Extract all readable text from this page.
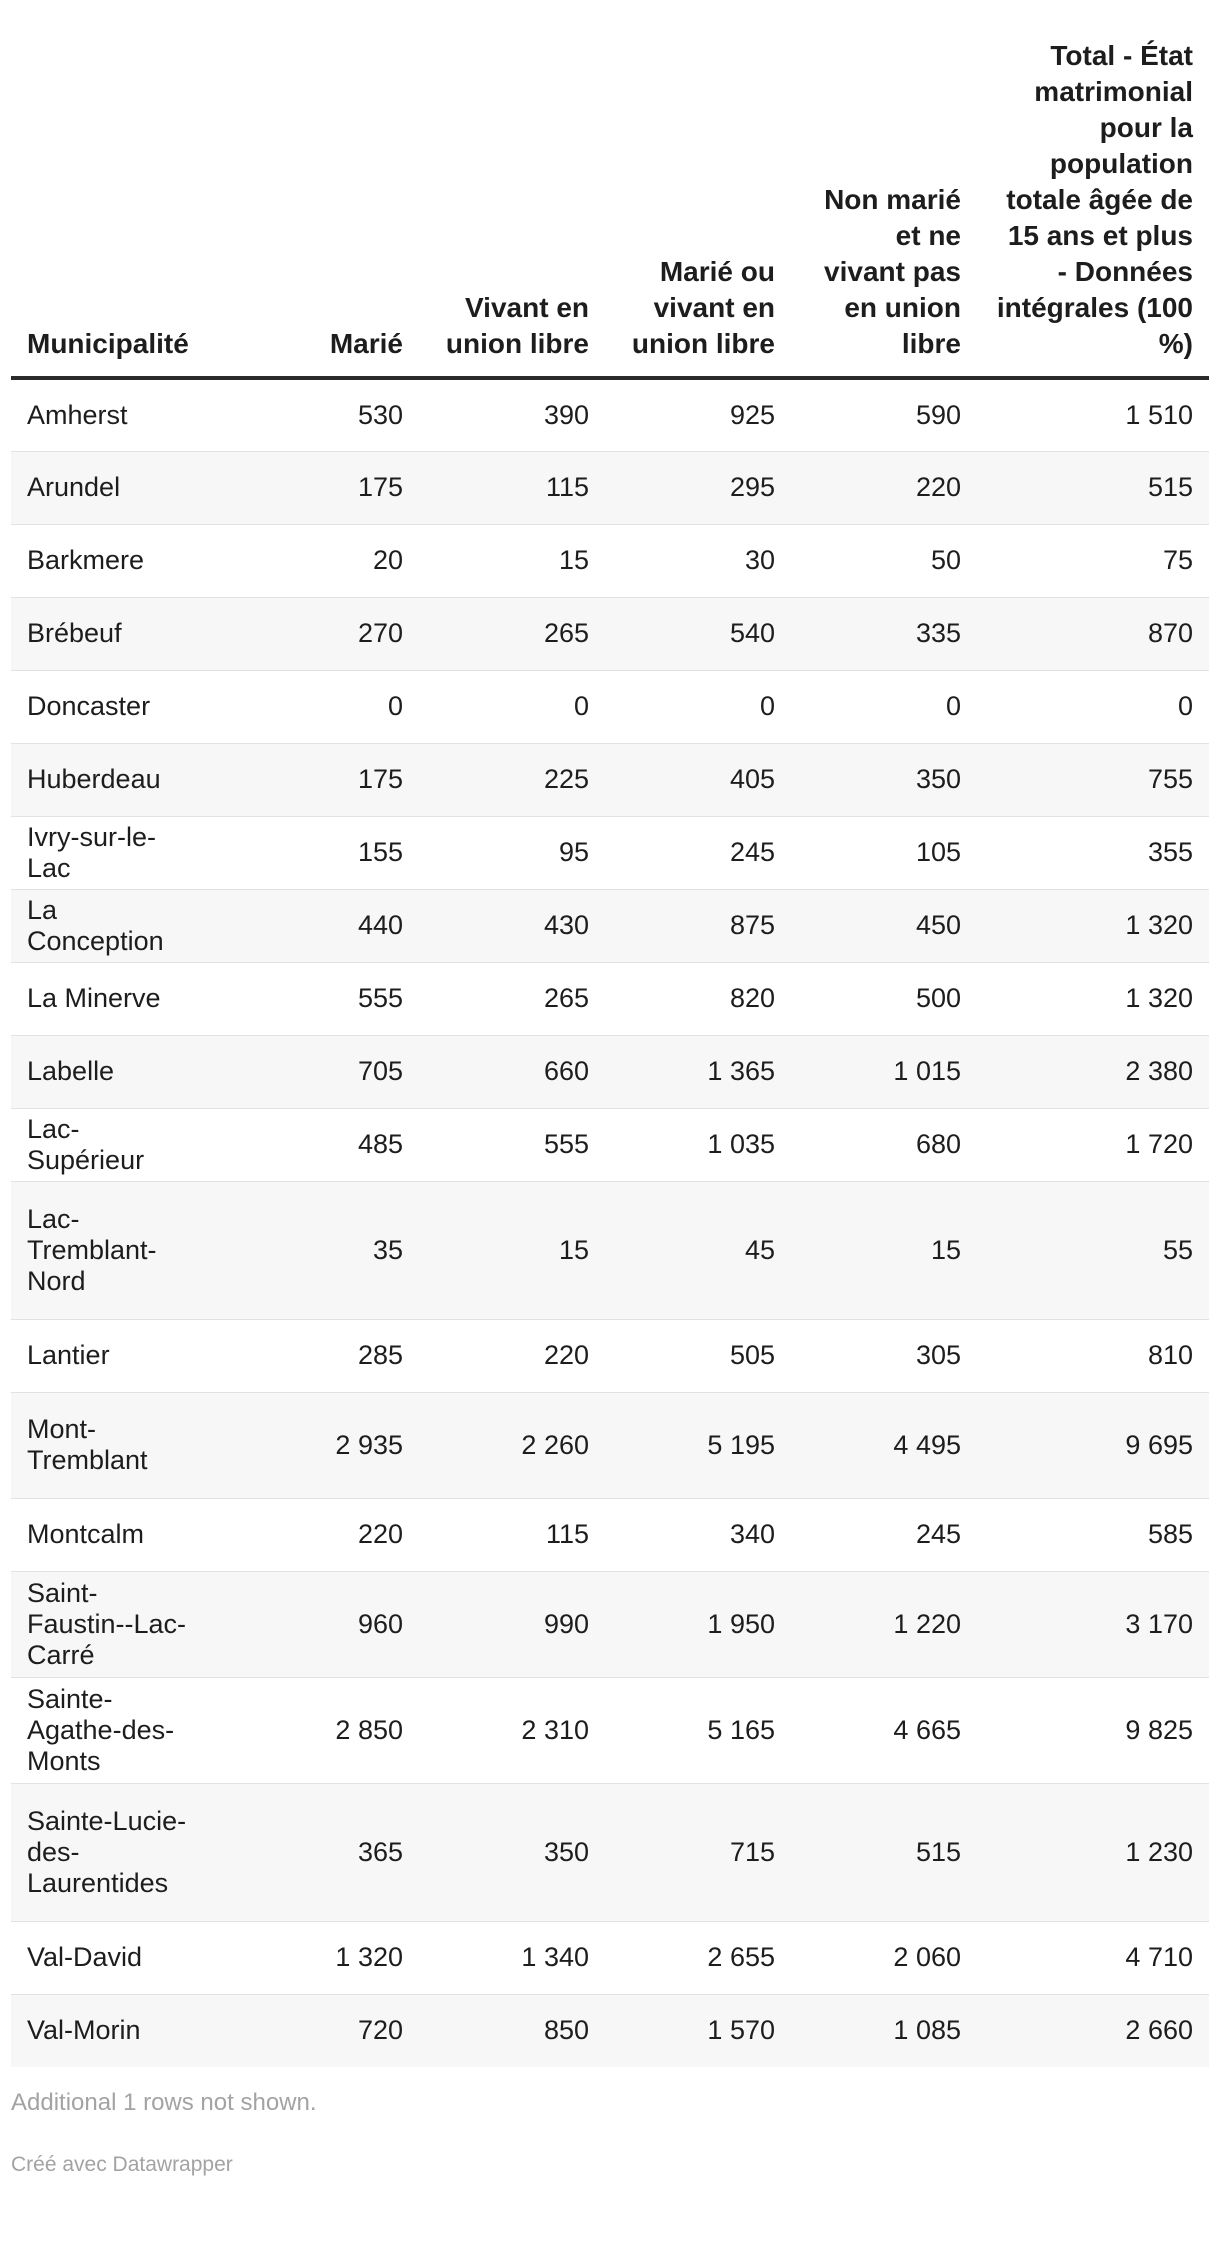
Municipalité	Marié	Vivant en union libre	Marié ou vivant en union libre	Non marié et ne vivant pas en union libre	Total - État matrimonial pour la population totale âgée de 15 ans et plus - Données intégrales (100 %)
Amherst	530	390	925	590	1 510
Arundel	175	115	295	220	515
Barkmere	20	15	30	50	75
Brébeuf	270	265	540	335	870
Doncaster	0	0	0	0	0
Huberdeau	175	225	405	350	755
Ivry-sur-le-Lac	155	95	245	105	355
La Conception	440	430	875	450	1 320
La Minerve	555	265	820	500	1 320
Labelle	705	660	1 365	1 015	2 380
Lac-Supérieur	485	555	1 035	680	1 720
Lac-Tremblant-Nord	35	15	45	15	55
Lantier	285	220	505	305	810
Mont-Tremblant	2 935	2 260	5 195	4 495	9 695
Montcalm	220	115	340	245	585
Saint-Faustin--Lac-Carré	960	990	1 950	1 220	3 170
Sainte-Agathe-des-Monts	2 850	2 310	5 165	4 665	9 825
Sainte-Lucie-des-Laurentides	365	350	715	515	1 230
Val-David	1 320	1 340	2 655	2 060	4 710
Val-Morin	720	850	1 570	1 085	2 660
Additional 1 rows not shown.
Créé avec Datawrapper
